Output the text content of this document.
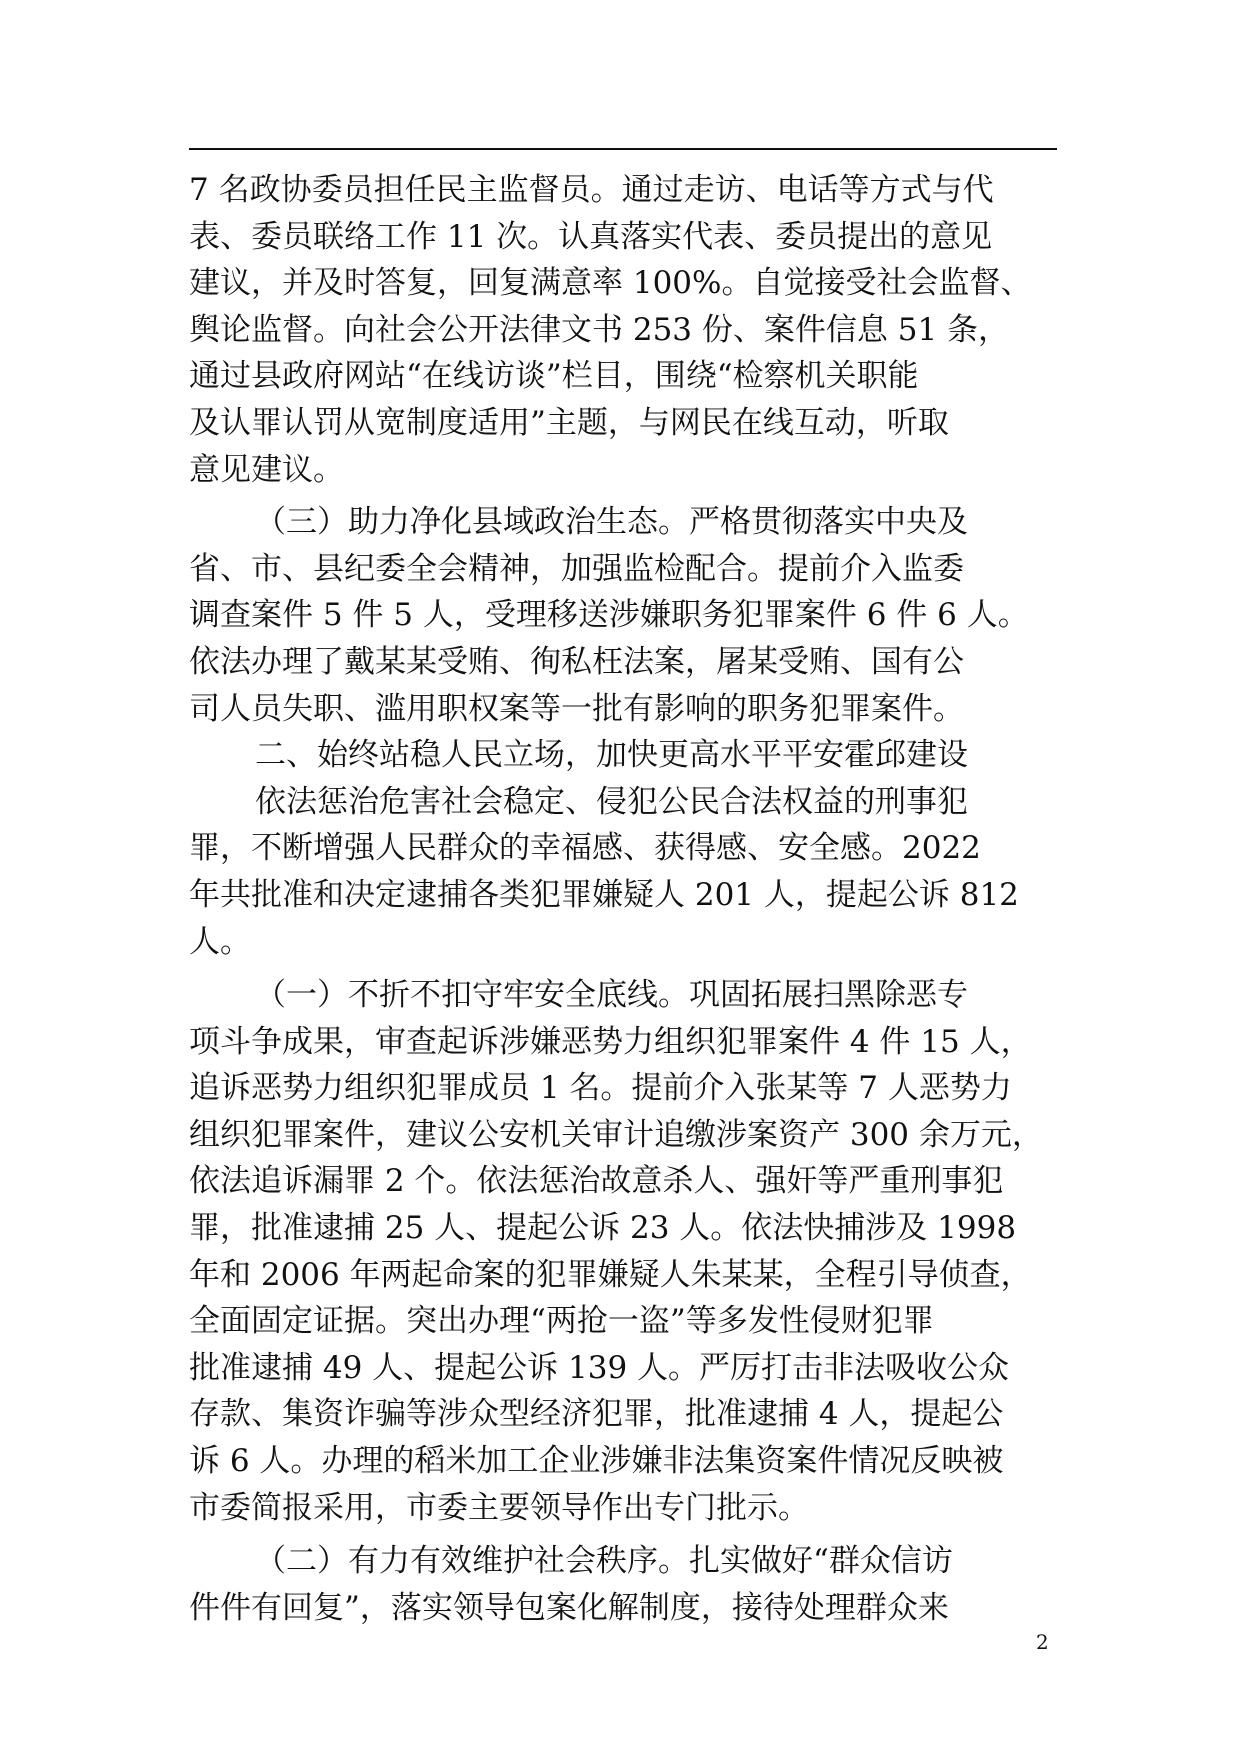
7 名政协委员担任民主监督员。通过走访、电话等方式与代
表、委员联络工作 11 次。认真落实代表、委员提出的意见
建议，并及时答复，回复满意率 100%。自觉接受社会监督、
舆论监督。向社会公开法律文书 253 份、案件信息 51 条，
通过县政府网站“在线访谈”栏目，围绕“检察机关职能
及认罪认罚从宽制度适用”主题，与网民在线互动，听取
意见建议。
（三）助力净化县域政治生态。严格贯彻落实中央及
省、市、县纪委全会精神，加强监检配合。提前介入监委
调查案件 5 件 5 人，受理移送涉嫌职务犯罪案件 6 件 6 人。
依法办理了戴某某受贿、徇私枉法案，屠某受贿、国有公
司人员失职、滥用职权案等一批有影响的职务犯罪案件。
二、始终站稳人民立场，加快更高水平平安霍邱建设
依法惩治危害社会稳定、侵犯公民合法权益的刑事犯
罪，不断增强人民群众的幸福感、获得感、安全感。2022
年共批准和决定逮捕各类犯罪嫌疑人 201 人，提起公诉 812
人。
（一）不折不扣守牢安全底线。巩固拓展扫黑除恶专
项斗争成果，审查起诉涉嫌恶势力组织犯罪案件 4 件 15 人，
追诉恶势力组织犯罪成员 1 名。提前介入张某等 7 人恶势力
组织犯罪案件，建议公安机关审计追缴涉案资产 300 余万元，
依法追诉漏罪 2 个。依法惩治故意杀人、强奸等严重刑事犯
罪，批准逮捕 25 人、提起公诉 23 人。依法快捕涉及 1998
年和 2006 年两起命案的犯罪嫌疑人朱某某，全程引导侦查，
全面固定证据。突出办理“两抢一盗”等多发性侵财犯罪
批准逮捕 49 人、提起公诉 139 人。严厉打击非法吸收公众
存款、集资诈骗等涉众型经济犯罪，批准逮捕 4 人，提起公
诉 6 人。办理的稻米加工企业涉嫌非法集资案件情况反映被
市委简报采用，市委主要领导作出专门批示。
（二）有力有效维护社会秩序。扎实做好“群众信访
件件有回复”，落实领导包案化解制度，接待处理群众来
2
